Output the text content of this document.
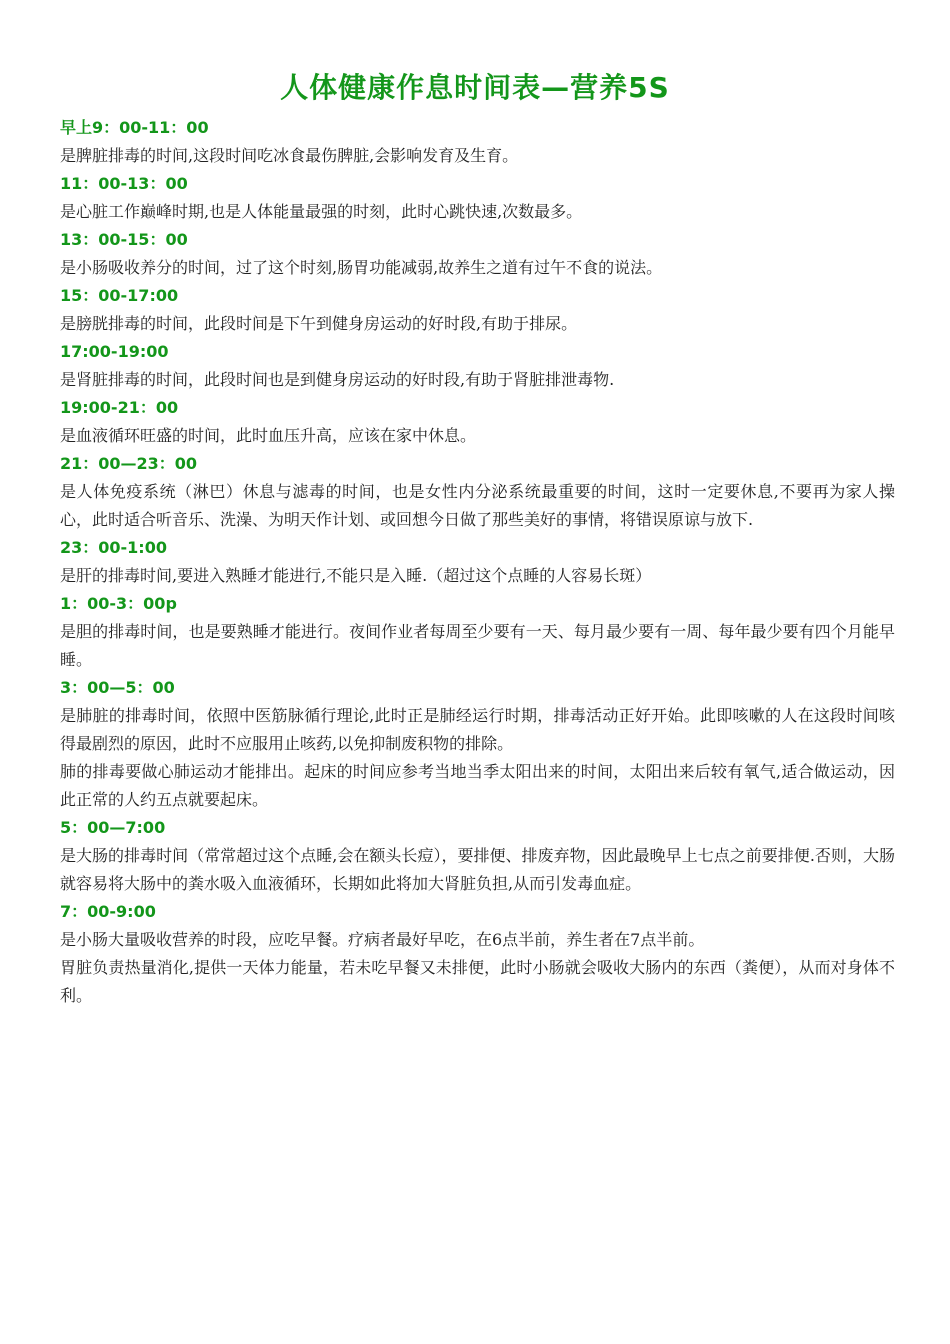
人体健康作息时间表—营养5S
早上9：00-11：00

是脾脏排毒的时间,这段时间吃冰食最伤脾脏,会影响发育及生育。

11：00-13：00

是心脏工作巅峰时期,也是人体能量最强的时刻，此时心跳快速,次数最多。

13：00-15：00

是小肠吸收养分的时间，过了这个时刻,肠胃功能减弱,故养生之道有过午不食的说法。

15：00-17:00

是膀胱排毒的时间，此段时间是下午到健身房运动的好时段,有助于排尿。

17:00-19:00

是肾脏排毒的时间，此段时间也是到健身房运动的好时段,有助于肾脏排泄毒物.

19:00-21：00

是血液循环旺盛的时间，此时血压升高，应该在家中休息。

21：00—23：00

是人体免疫系统（淋巴）休息与滤毒的时间，也是女性内分泌系统最重要的时间，这时一定要休息,不要再为家人操心，此时适合听音乐、洗澡、为明天作计划、或回想今日做了那些美好的事情，将错误原谅与放下.

23：00-1:00

是肝的排毒时间,要进入熟睡才能进行,不能只是入睡.（超过这个点睡的人容易长斑）

1：00-3：00p

是胆的排毒时间，也是要熟睡才能进行。夜间作业者每周至少要有一天、每月最少要有一周、每年最少要有四个月能早睡。

3：00—5：00

是肺脏的排毒时间，依照中医筋脉循行理论,此时正是肺经运行时期，排毒活动正好开始。此即咳嗽的人在这段时间咳得最剧烈的原因，此时不应服用止咳药,以免抑制废积物的排除。

肺的排毒要做心肺运动才能排出。起床的时间应参考当地当季太阳出来的时间，太阳出来后较有氧气,适合做运动，因此正常的人约五点就要起床。

5：00—7:00

是大肠的排毒时间（常常超过这个点睡,会在额头长痘），要排便、排废弃物，因此最晚早上七点之前要排便.否则，大肠就容易将大肠中的粪水吸入血液循环，长期如此将加大肾脏负担,从而引发毒血症。

7：00-9:00

是小肠大量吸收营养的时段，应吃早餐。疗病者最好早吃，在6点半前，养生者在7点半前。

胃脏负责热量消化,提供一天体力能量，若未吃早餐又未排便，此时小肠就会吸收大肠内的东西（粪便），从而对身体不利。
